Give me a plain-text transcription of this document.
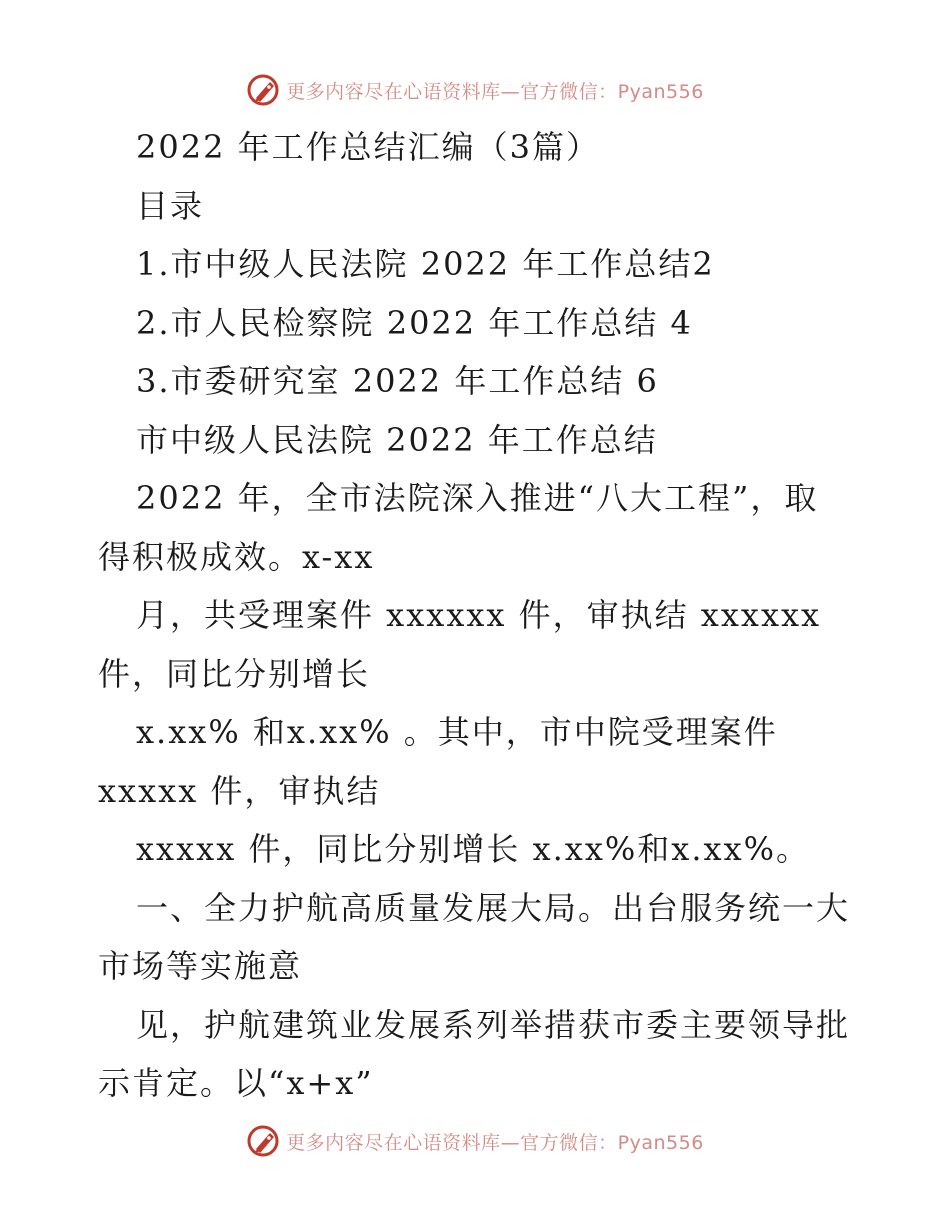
更多内容尽在心语资料库—官方微信：Pyan556
2022 年工作总结汇编（3篇）
目录
1.市中级人民法院 2022 年工作总结2
2.市人民检察院 2022 年工作总结 4
3.市委研究室 2022 年工作总结 6
市中级人民法院 2022 年工作总结
2022 年，全市法院深入推进“八大工程”，取
得积极成效。x-xx
月，共受理案件 xxxxxx 件，审执结 xxxxxx
件，同比分别增长
x.xx% 和x.xx% 。其中，市中院受理案件
xxxxx 件，审执结
xxxxx 件，同比分别增长 x.xx%和x.xx%。
一、全力护航高质量发展大局。出台服务统一大
市场等实施意
见，护航建筑业发展系列举措获市委主要领导批
示肯定。以“x+x”
更多内容尽在心语资料库—官方微信：Pyan556
